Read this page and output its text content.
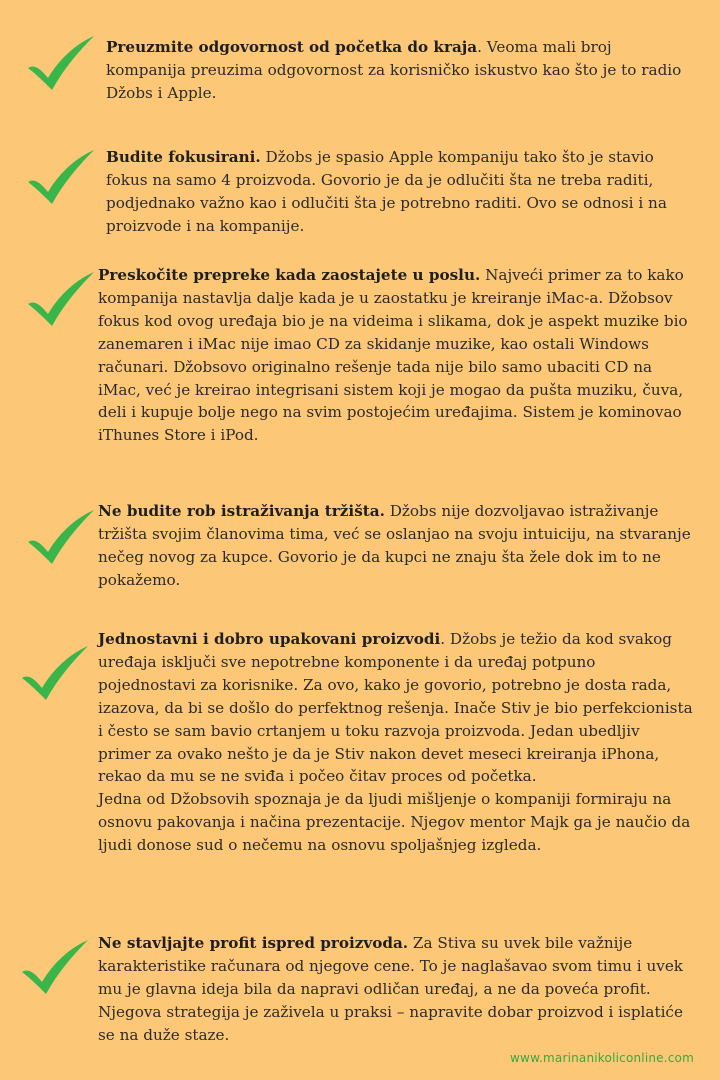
Preuzmite odgovornost od početka do kraja. Veoma mali broj kompanija preuzima odgovornost za korisničko iskustvo kao što je to radio Džobs i Apple.

Budite fokusirani. Džobs je spasio Apple kompaniju tako što je stavio fokus na samo 4 proizvoda. Govorio je da je odlučiti šta ne treba raditi, podjednako važno kao i odlučiti šta je potrebno raditi. Ovo se odnosi i na proizvode i na kompanije.

Preskočite prepreke kada zaostajete u poslu. Najveći primer za to kako kompanija nastavlja dalje kada je u zaostatku je kreiranje iMac-a. Džobsov fokus kod ovog uređaja bio je na videima i slikama, dok je aspekt muzike bio zanemaren i iMac nije imao CD za skidanje muzike, kao ostali Windows računari. Džobsovo originalno rešenje tada nije bilo samo ubaciti CD na iMac, već je kreirao integrisani sistem koji je mogao da pušta muziku, čuva, deli i kupuje bolje nego na svim postojećim uređajima. Sistem je kominovao iThunes Store i iPod.

Ne budite rob istraživanja tržišta. Džobs nije dozvoljavao istraživanje tržišta svojim članovima tima, već se oslanjao na svoju intuiciju, na stvaranje nečeg novog za kupce. Govorio je da kupci ne znaju šta žele dok im to ne pokažemo.

Jednostavni i dobro upakovani proizvodi. Džobs je težio da kod svakog uređaja isključi sve nepotrebne komponente i da uređaj potpuno pojednostavi za korisnike. Za ovo, kako je govorio, potrebno je dosta rada, izazova, da bi se došlo do perfektnog rešenja. Inače Stiv je bio perfekcionista i često se sam bavio crtanjem u toku razvoja proizvoda. Jedan ubedljiv primer za ovako nešto je da je Stiv nakon devet meseci kreiranja iPhona, rekao da mu se ne sviđa i počeo čitav proces od početka.
Jedna od Džobsovih spoznaja je da ljudi mišljenje o kompaniji formiraju na osnovu pakovanja i načina prezentacije. Njegov mentor Majk ga je naučio da ljudi donose sud o nečemu na osnovu spoljašnjeg izgleda.

Ne stavljajte profit ispred proizvoda. Za Stiva su uvek bile važnije karakteristike računara od njegove cene. To je naglašavao svom timu i uvek mu je glavna ideja bila da napravi odličan uređaj, a ne da poveća profit. Njegova strategija je zaživela u praksi – napravite dobar proizvod i isplatiće se na duže staze.

www.marinanikoliconline.com
